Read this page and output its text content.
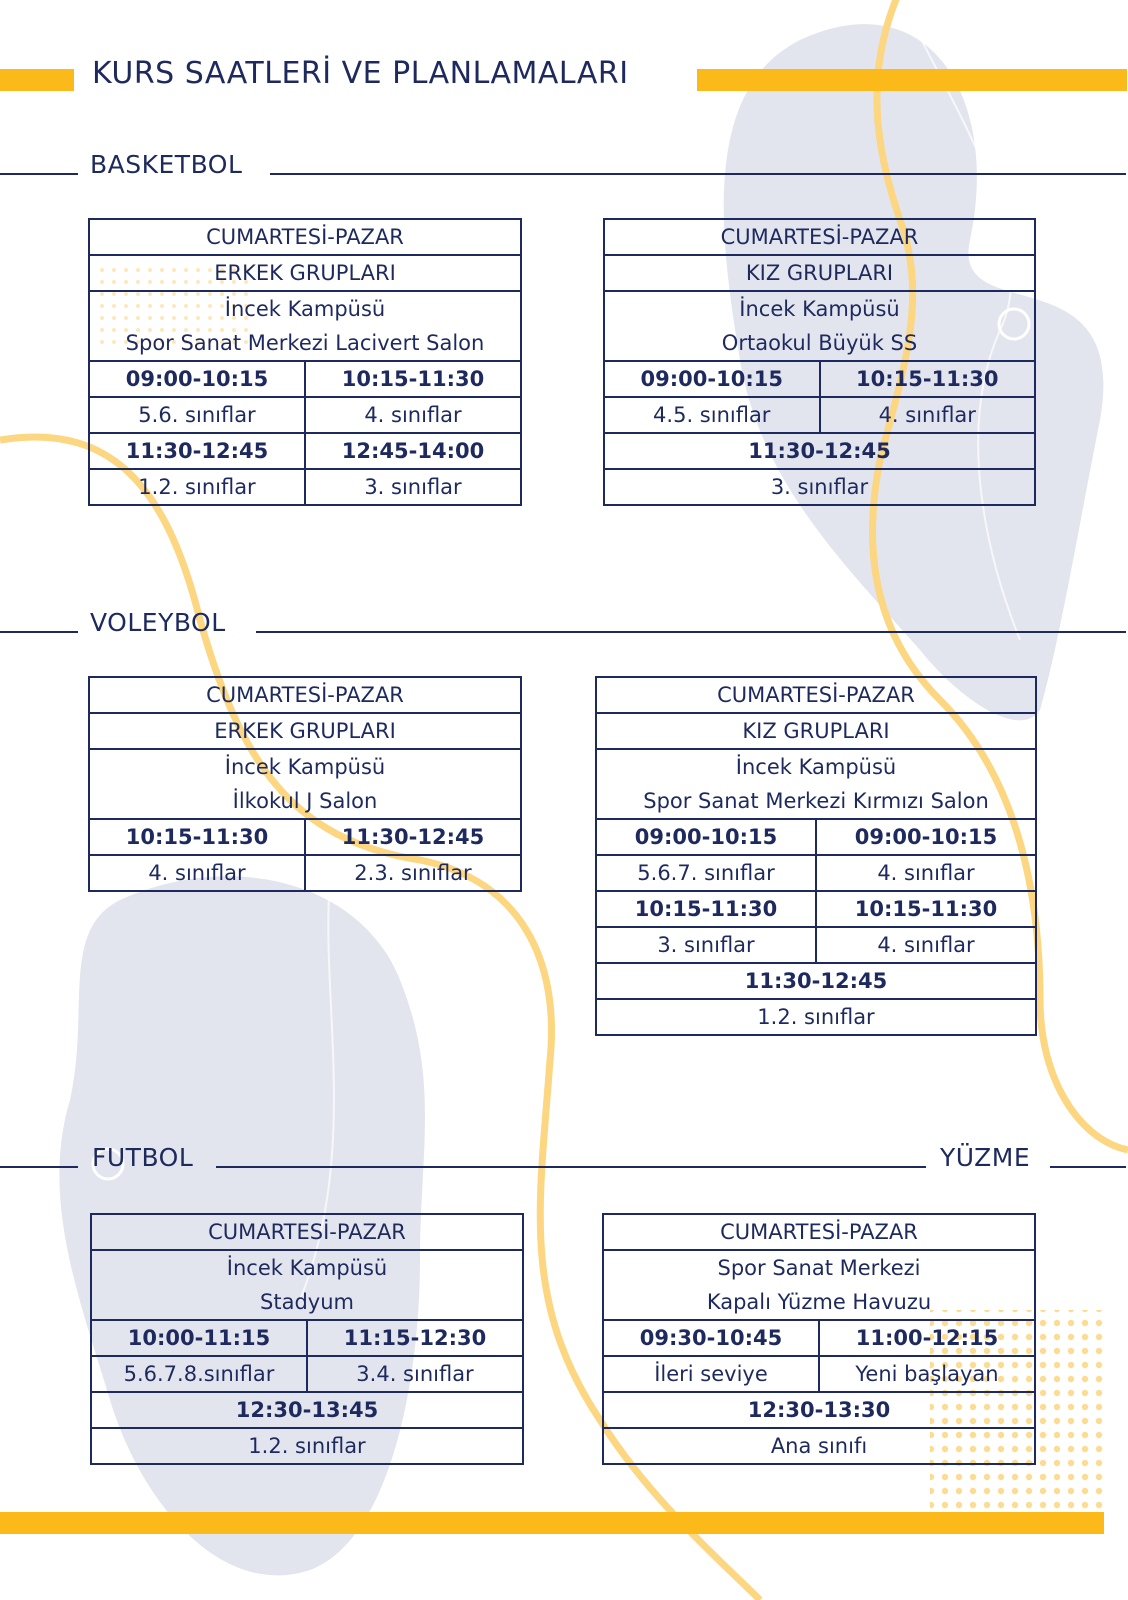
KURS SAATLERİ VE PLANLAMALARI
BASKETBOL
CUMARTESİ-PAZAR	
ERKEK GRUPLARI	
İncek Kampüsü	
Spor Sanat Merkezi Lacivert Salon	
09:00-10:15	10:15-11:30
5.6. sınıflar	4. sınıflar
11:30-12:45	12:45-14:00
1.2. sınıflar	3. sınıflar
CUMARTESİ-PAZAR	
KIZ GRUPLARI	
İncek Kampüsü	
Ortaokul Büyük SS	
09:00-10:15	10:15-11:30
4.5. sınıflar	4. sınıflar
11:30-12:45	
3. sınıflar	
VOLEYBOL
CUMARTESİ-PAZAR	
ERKEK GRUPLARI	
İncek Kampüsü	
İlkokul J Salon	
10:15-11:30	11:30-12:45
4. sınıflar	2.3. sınıflar
CUMARTESİ-PAZAR	
KIZ GRUPLARI	
İncek Kampüsü	
Spor Sanat Merkezi Kırmızı Salon	
09:00-10:15	09:00-10:15
5.6.7. sınıflar	4. sınıflar
10:15-11:30	10:15-11:30
3. sınıflar	4. sınıflar
11:30-12:45	
1.2. sınıflar	
FUTBOL	YÜZME
CUMARTESİ-PAZAR	
İncek Kampüsü	
Stadyum	
10:00-11:15	11:15-12:30
5.6.7.8.sınıflar	3.4. sınıflar
12:30-13:45	
1.2. sınıflar	
CUMARTESİ-PAZAR	
Spor Sanat Merkezi	
Kapalı Yüzme Havuzu	
09:30-10:45	11:00-12:15
İleri seviye	Yeni başlayan
12:30-13:30	
Ana sınıfı	
